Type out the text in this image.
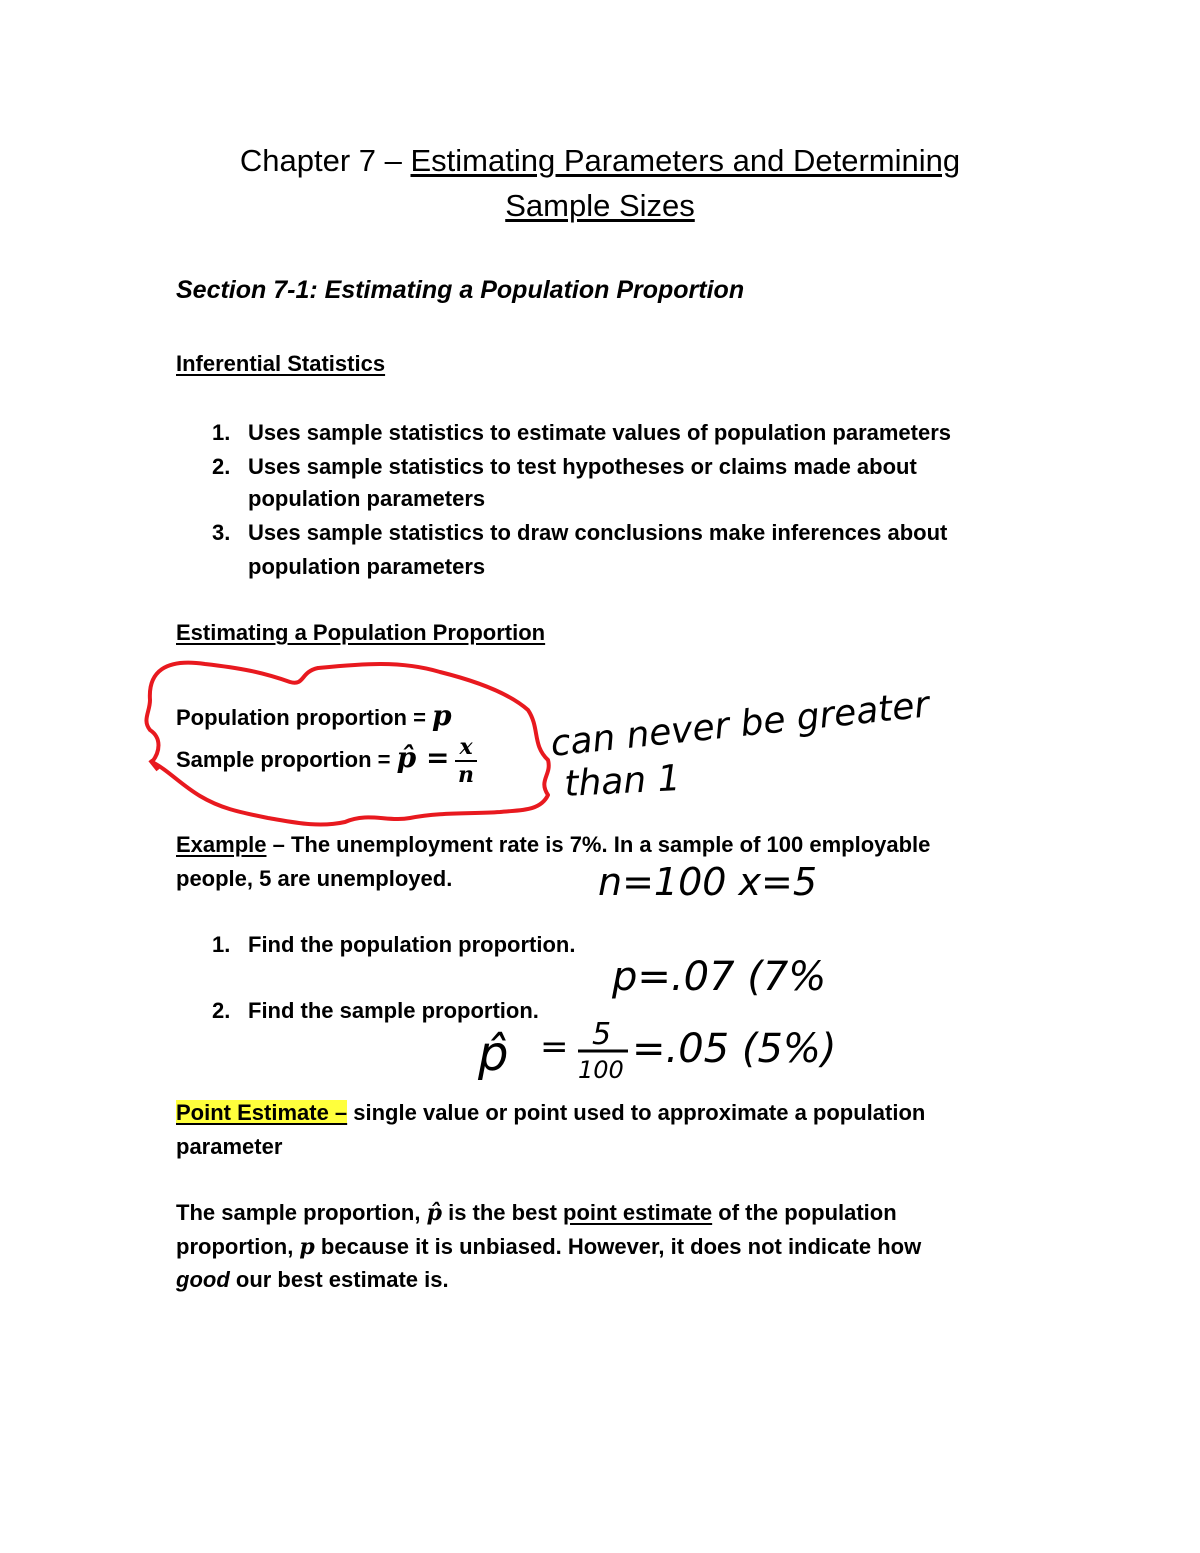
Chapter 7 – Estimating Parameters and Determining
Sample Sizes
Section 7-1: Estimating a Population Proportion
Inferential Statistics
1. Uses sample statistics to estimate values of population parameters
2. Uses sample statistics to test hypotheses or claims made about
population parameters
3. Uses sample statistics to draw conclusions make inferences about
population parameters
Estimating a Population Proportion
Population proportion = p
Sample proportion = p̂ = $\frac{x}{n}$
Example – The unemployment rate is 7%. In a sample of 100 employable
people, 5 are unemployed.
1. Find the population proportion.
2. Find the sample proportion.
Point Estimate – single value or point used to approximate a population
parameter
The sample proportion, p̂ is the best point estimate of the population
proportion, p because it is unbiased. However, it does not indicate how
good our best estimate is.
can never be greater
than 1
n=100 x=5
p=.07 (7%
p̂ = 5
100 =.05 (5%)
